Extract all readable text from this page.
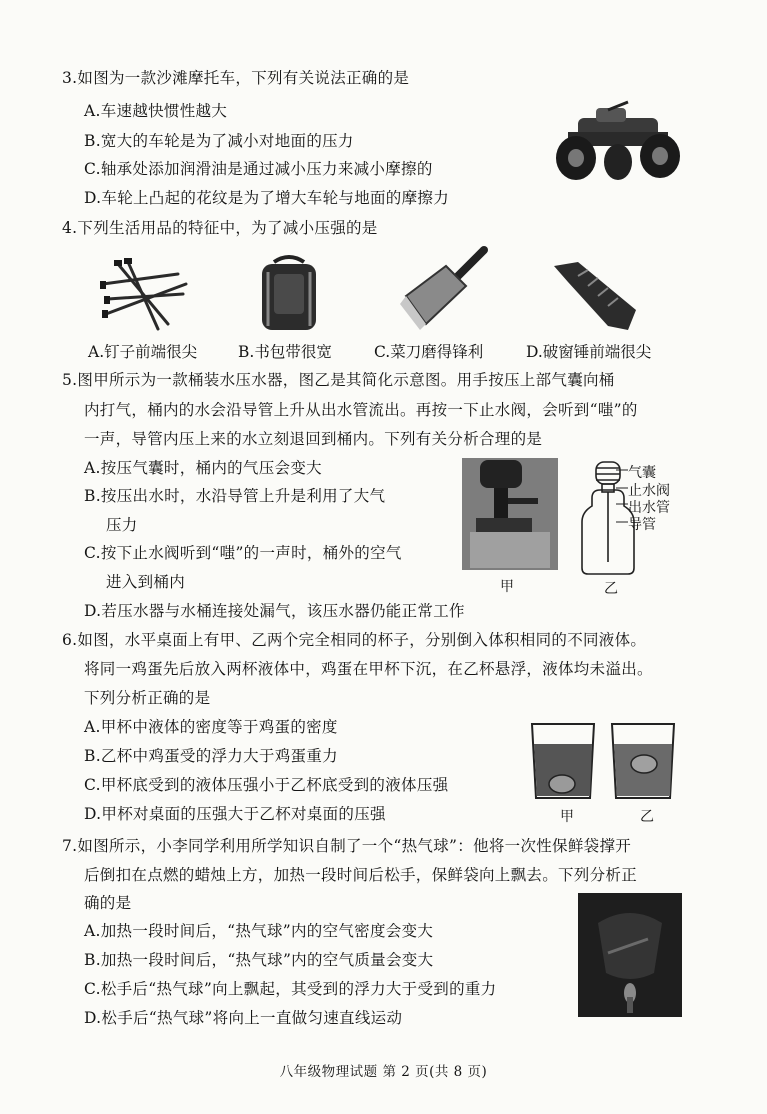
3.如图为一款沙滩摩托车，下列有关说法正确的是
A.车速越快惯性越大
B.宽大的车轮是为了减小对地面的压力
C.轴承处添加润滑油是通过减小压力来减小摩擦的
D.车轮上凸起的花纹是为了增大车轮与地面的摩擦力
4.下列生活用品的特征中，为了减小压强的是
A.钉子前端很尖	B.书包带很宽	C.菜刀磨得锋利	D.破窗锤前端很尖
5.图甲所示为一款桶装水压水器，图乙是其简化示意图。用手按压上部气囊向桶
内打气，桶内的水会沿导管上升从出水管流出。再按一下止水阀，会听到“嗤”的
一声，导管内压上来的水立刻退回到桶内。下列有关分析合理的是
A.按压气囊时，桶内的气压会变大
B.按压出水时，水沿导管上升是利用了大气
压力
C.按下止水阀听到“嗤”的一声时，桶外的空气
进入到桶内
D.若压水器与水桶连接处漏气，该压水器仍能正常工作
甲
气囊
止水阀
出水管
导管
乙
6.如图，水平桌面上有甲、乙两个完全相同的杯子，分别倒入体积相同的不同液体。
将同一鸡蛋先后放入两杯液体中，鸡蛋在甲杯下沉，在乙杯悬浮，液体均未溢出。
下列分析正确的是
A.甲杯中液体的密度等于鸡蛋的密度
B.乙杯中鸡蛋受的浮力大于鸡蛋重力
C.甲杯底受到的液体压强小于乙杯底受到的液体压强
D.甲杯对桌面的压强大于乙杯对桌面的压强	甲	乙
7.如图所示，小李同学利用所学知识自制了一个“热气球”：他将一次性保鲜袋撑开
后倒扣在点燃的蜡烛上方，加热一段时间后松手，保鲜袋向上飘去。下列分析正
确的是
A.加热一段时间后，“热气球”内的空气密度会变大
B.加热一段时间后，“热气球”内的空气质量会变大
C.松手后“热气球”向上飘起，其受到的浮力大于受到的重力
D.松手后“热气球”将向上一直做匀速直线运动
八年级物理试题 第 2 页(共 8 页)
